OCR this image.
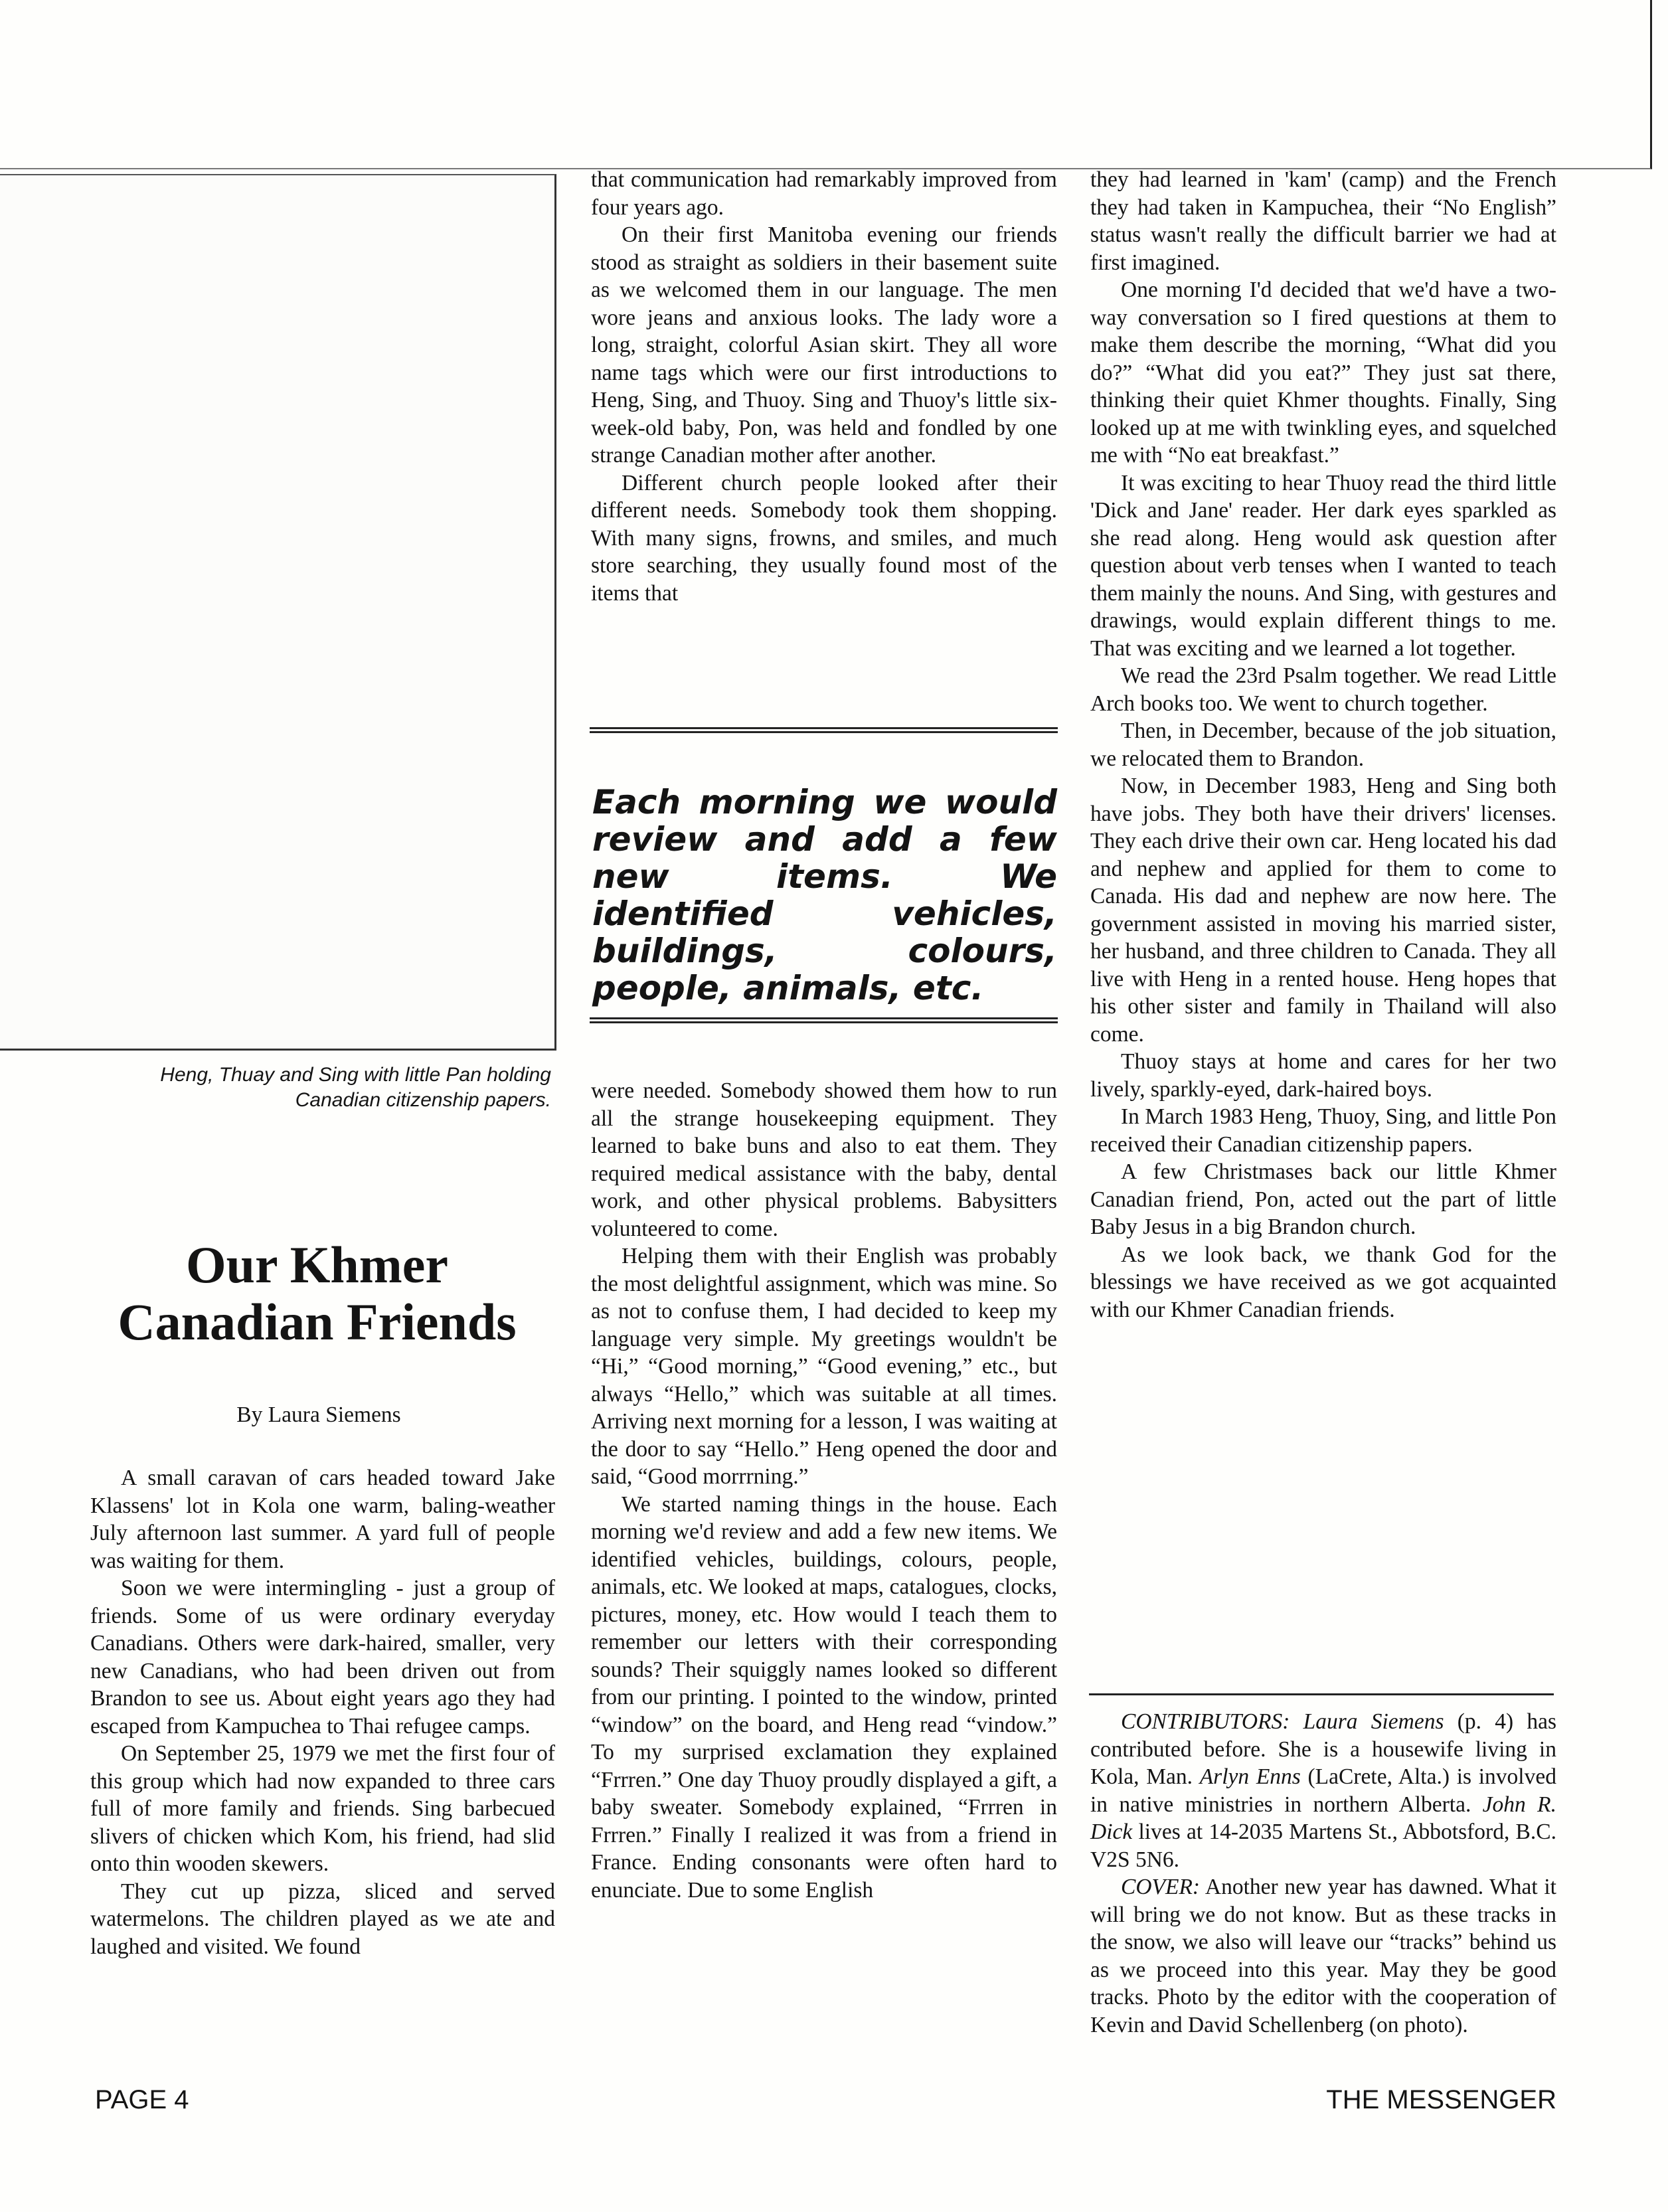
Heng, Thuay and Sing with little Pan holding Canadian citizenship papers.
Our Khmer
Canadian Friends
By Laura Siemens

A small caravan of cars headed toward Jake Klassens' lot in Kola one warm, baling-weather July afternoon last summer. A yard full of people was waiting for them.

Soon we were intermingling - just a group of friends. Some of us were ordinary everyday Canadians. Others were dark-haired, smaller, very new Canadians, who had been driven out from Brandon to see us. About eight years ago they had escaped from Kampuchea to Thai refugee camps.

On September 25, 1979 we met the first four of this group which had now expanded to three cars full of more family and friends. Sing barbecued slivers of chicken which Kom, his friend, had slid onto thin wooden skewers.

They cut up pizza, sliced and served watermelons. The children played as we ate and laughed and visited. We found

that communication had remarkably improved from four years ago.

On their first Manitoba evening our friends stood as straight as soldiers in their basement suite as we welcomed them in our language. The men wore jeans and anxious looks. The lady wore a long, straight, colorful Asian skirt. They all wore name tags which were our first introductions to Heng, Sing, and Thuoy. Sing and Thuoy's little six-week-old baby, Pon, was held and fondled by one strange Canadian mother after another.

Different church people looked after their different needs. Somebody took them shopping. With many signs, frowns, and smiles, and much store searching, they usually found most of the items that

Each morning we would review and add a few new items. We identified vehicles, buildings, colours, people, animals, etc.

were needed. Somebody showed them how to run all the strange housekeeping equipment. They learned to bake buns and also to eat them. They required medical assistance with the baby, dental work, and other physical problems. Babysitters volunteered to come.

Helping them with their English was probably the most delightful assignment, which was mine. So as not to confuse them, I had decided to keep my language very simple. My greetings wouldn't be “Hi,” “Good morning,” “Good evening,” etc., but always “Hello,” which was suitable at all times. Arriving next morning for a lesson, I was waiting at the door to say “Hello.” Heng opened the door and said, “Good morrrning.”

We started naming things in the house. Each morning we'd review and add a few new items. We identified vehicles, buildings, colours, people, animals, etc. We looked at maps, catalogues, clocks, pictures, money, etc. How would I teach them to remember our letters with their corresponding sounds? Their squiggly names looked so different from our printing. I pointed to the window, printed “window” on the board, and Heng read “vindow.” To my surprised exclamation they explained “Frrren.” One day Thuoy proudly displayed a gift, a baby sweater. Somebody explained, “Frrren in Frrren.” Finally I realized it was from a friend in France. Ending consonants were often hard to enunciate. Due to some English

they had learned in 'kam' (camp) and the French they had taken in Kampuchea, their “No English” status wasn't really the difficult barrier we had at first imagined.

One morning I'd decided that we'd have a two-way conversation so I fired questions at them to make them describe the morning, “What did you do?” “What did you eat?” They just sat there, thinking their quiet Khmer thoughts. Finally, Sing looked up at me with twinkling eyes, and squelched me with “No eat breakfast.”

It was exciting to hear Thuoy read the third little 'Dick and Jane' reader. Her dark eyes sparkled as she read along. Heng would ask question after question about verb tenses when I wanted to teach them mainly the nouns. And Sing, with gestures and drawings, would explain different things to me. That was exciting and we learned a lot together.

We read the 23rd Psalm together. We read Little Arch books too. We went to church together.

Then, in December, because of the job situation, we relocated them to Brandon.

Now, in December 1983, Heng and Sing both have jobs. They both have their drivers' licenses. They each drive their own car. Heng located his dad and nephew and applied for them to come to Canada. His dad and nephew are now here. The government assisted in moving his married sister, her husband, and three children to Canada. They all live with Heng in a rented house. Heng hopes that his other sister and family in Thailand will also come.

Thuoy stays at home and cares for her two lively, sparkly-eyed, dark-haired boys.

In March 1983 Heng, Thuoy, Sing, and little Pon received their Canadian citizenship papers.

A few Christmases back our little Khmer Canadian friend, Pon, acted out the part of little Baby Jesus in a big Brandon church.

As we look back, we thank God for the blessings we have received as we got acquainted with our Khmer Canadian friends.

CONTRIBUTORS: Laura Siemens (p. 4) has contributed before. She is a housewife living in Kola, Man. Arlyn Enns (LaCrete, Alta.) is involved in native ministries in northern Alberta. John R. Dick lives at 14-2035 Martens St., Abbotsford, B.C. V2S 5N6.

COVER: Another new year has dawned. What it will bring we do not know. But as these tracks in the snow, we also will leave our “tracks” behind us as we proceed into this year. May they be good tracks. Photo by the editor with the cooperation of Kevin and David Schellenberg (on photo).

PAGE 4	THE MESSENGER
